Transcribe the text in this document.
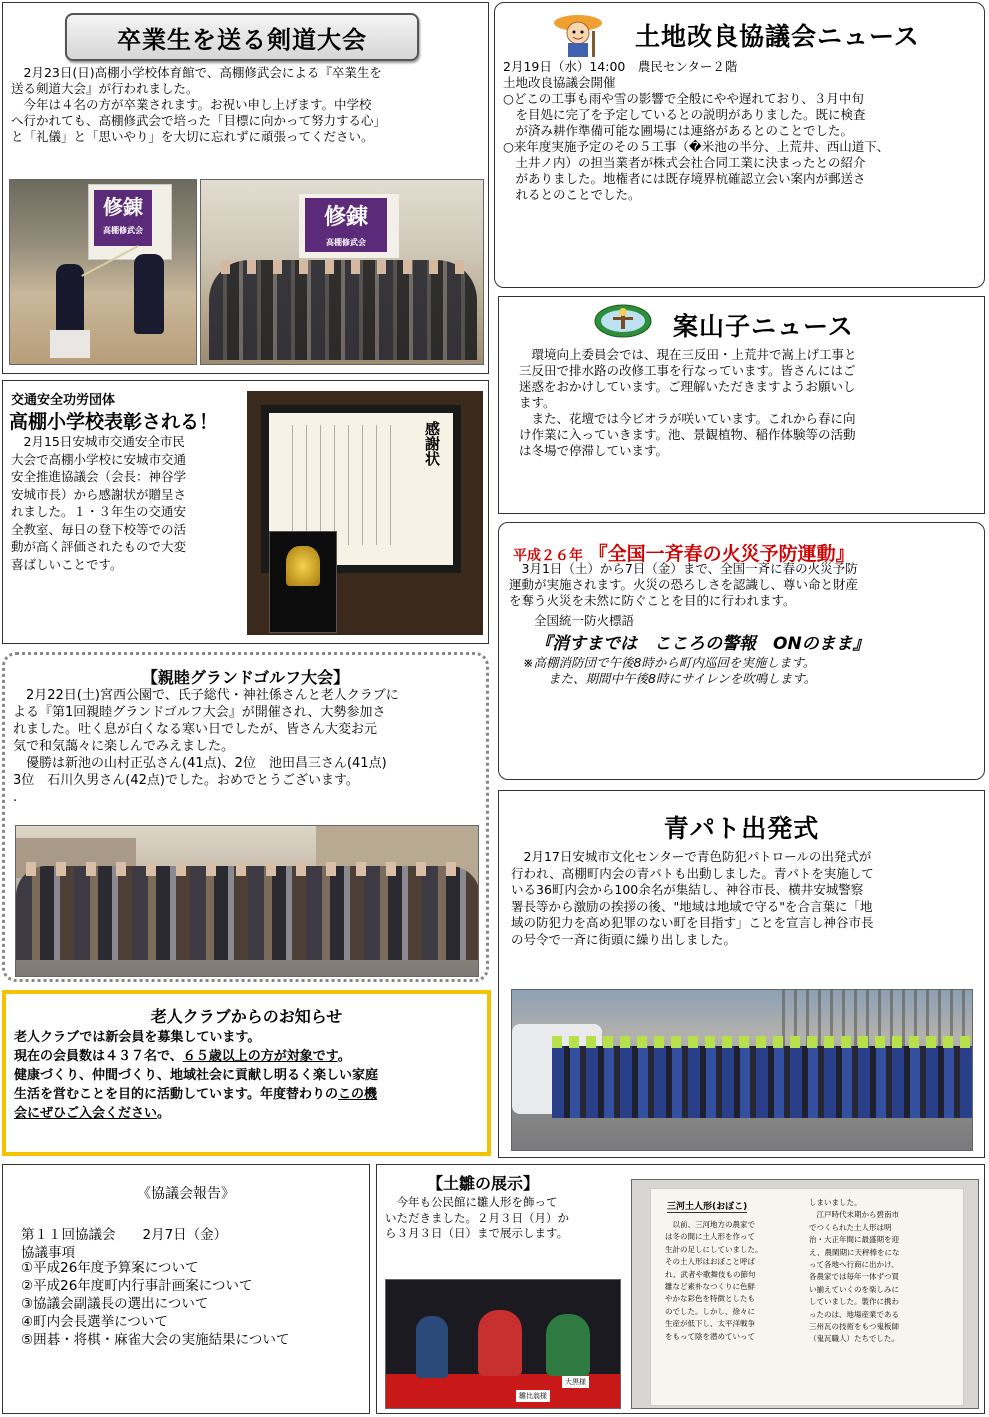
卒業生を送る剣道大会

　2月23日(日)高棚小学校体育館で、高棚修武会による『卒業生を
送る剣道大会』が行われました。
　今年は４名の方が卒業されます。お祝い申し上げます。中学校
へ行かれても、高棚修武会で培った「目標に向かって努力する心」
と「礼儀」と「思いやり」を大切に忘れずに頑張ってください。

修錬
高棚修武会	修錬
高棚修武会
土地改良協議会ニュース

2月19日（水）14:00　農民センター２階
土地改良協議会開催
○どこの工事も雨や雪の影響で全般にやや遅れており、３月中旬
　を目処に完了を予定しているとの説明がありました。既に検査
　が済み耕作準備可能な圃場には連絡があるとのことでした。
○来年度実施予定のその５工事（�米池の半分、上荒井、西山道下、
　土井ノ内）の担当業者が株式会社合同工業に決まったとの紹介
　がありました。地権者には既存境界杭確認立会い案内が郵送さ
　れるとのことでした。

案山子ニュース

　環境向上委員会では、現在三反田・上荒井で嵩上げ工事と
三反田で排水路の改修工事を行なっています。皆さんにはご
迷惑をおかけしています。ご理解いただきますようお願いし
ます。
　また、花壇では今ビオラが咲いています。これから春に向
け作業に入っていきます。池、景観植物、稲作体験等の活動
は冬場で停滞しています。

交通安全功労団体
高棚小学校表彰される！

　2月15日安城市交通安全市民
大会で高棚小学校に安城市交通
安全推進協議会（会長：神谷学
安城市長）から感謝状が贈呈さ
れました。１・３年生の交通安
全教室、毎日の登下校等での活
動が高く評価されたもので大変
喜ばしいことです。

感謝状
平成２６年 『全国一斉春の火災予防運動』

　3月1日（土）から7日（金）まで、全国一斉に春の火災予防
運動が実施されます。火災の恐ろしさを認識し、尊い命と財産
を奪う火災を未然に防ぐことを目的に行われます。

　　全国統一防火標語
『消すまでは　こころの警報　ONのまま』

※高棚消防団で午後8時から町内巡回を実施します。
　　また、期間中午後8時にサイレンを吹鳴します。

【親睦グランドゴルフ大会】

　2月22日(土)宮西公園で、氏子総代・神社係さんと老人クラブに
よる『第1回親睦グランドゴルフ大会』が開催され、大勢参加さ
れました。吐く息が白くなる寒い日でしたが、皆さん大変お元
気で和気藹々に楽しんでみえました。
　優勝は新池の山村正弘さん(41点)、2位　池田昌三さん(41点)
3位　石川久男さん(42点)でした。おめでとうございます。
.

青パト出発式

　2月17日安城市文化センターで青色防犯パトロールの出発式が
行われ、高棚町内会の青パトも出動しました。青パトを実施して
いる36町内会から100余名が集結し、神谷市長、横井安城警察
署長等から激励の挨拶の後、"地域は地域で守る"を合言葉に「地
域の防犯力を高め犯罪のない町を目指す」ことを宣言し神谷市長
の号令で一斉に街頭に繰り出しました。

老人クラブからのお知らせ
老人クラブでは新会員を募集しています。
現在の会員数は４３７名で、６５歳以上の方が対象です。
健康づくり、仲間づくり、地域社会に貢献し明るく楽しい家庭
生活を営むことを目的に活動しています。年度替わりのこの機
会にぜひご入会ください。
《協議会報告》
第１１回協議会　　2月7日（金）
協議事項
①平成26年度予算案について
②平成26年度町内行事計画案について
③協議会副議長の選出について
④町内会長選挙について
⑤囲碁・将棋・麻雀大会の実施結果について
【土雛の展示】

　今年も公民館に雛人形を飾って
いただきました。２月３日（月）か
ら３月３日（日）まで展示します。

雛比翁様
大黒様
三河土人形(おぼこ)

　以前、三河地方の農家で
は冬の間に土人形を作って
生計の足しにしていました。
その土人形はおぼこと呼ば
れ、武者や歌舞伎もの節句
雛など素朴なつくりに色鮮
やかな彩色を特徴としたも
のでした。しかし、徐々に
生産が低下し、太平洋戦争
をもって陰を潜めていって

しまいました。
　江戸時代末期から碧南市
でつくられた土人形は明
治・大正年間に最盛期を迎
え、農閑期に天秤棒をにな
って各地へ行商に出かけ、
各農家では毎年一体ずつ買
い揃えていくのを楽しみに
していました。製作に携わ
ったのは、地場産業である
三州瓦の技術をもつ鬼板師
（鬼瓦職人）たちでした。
